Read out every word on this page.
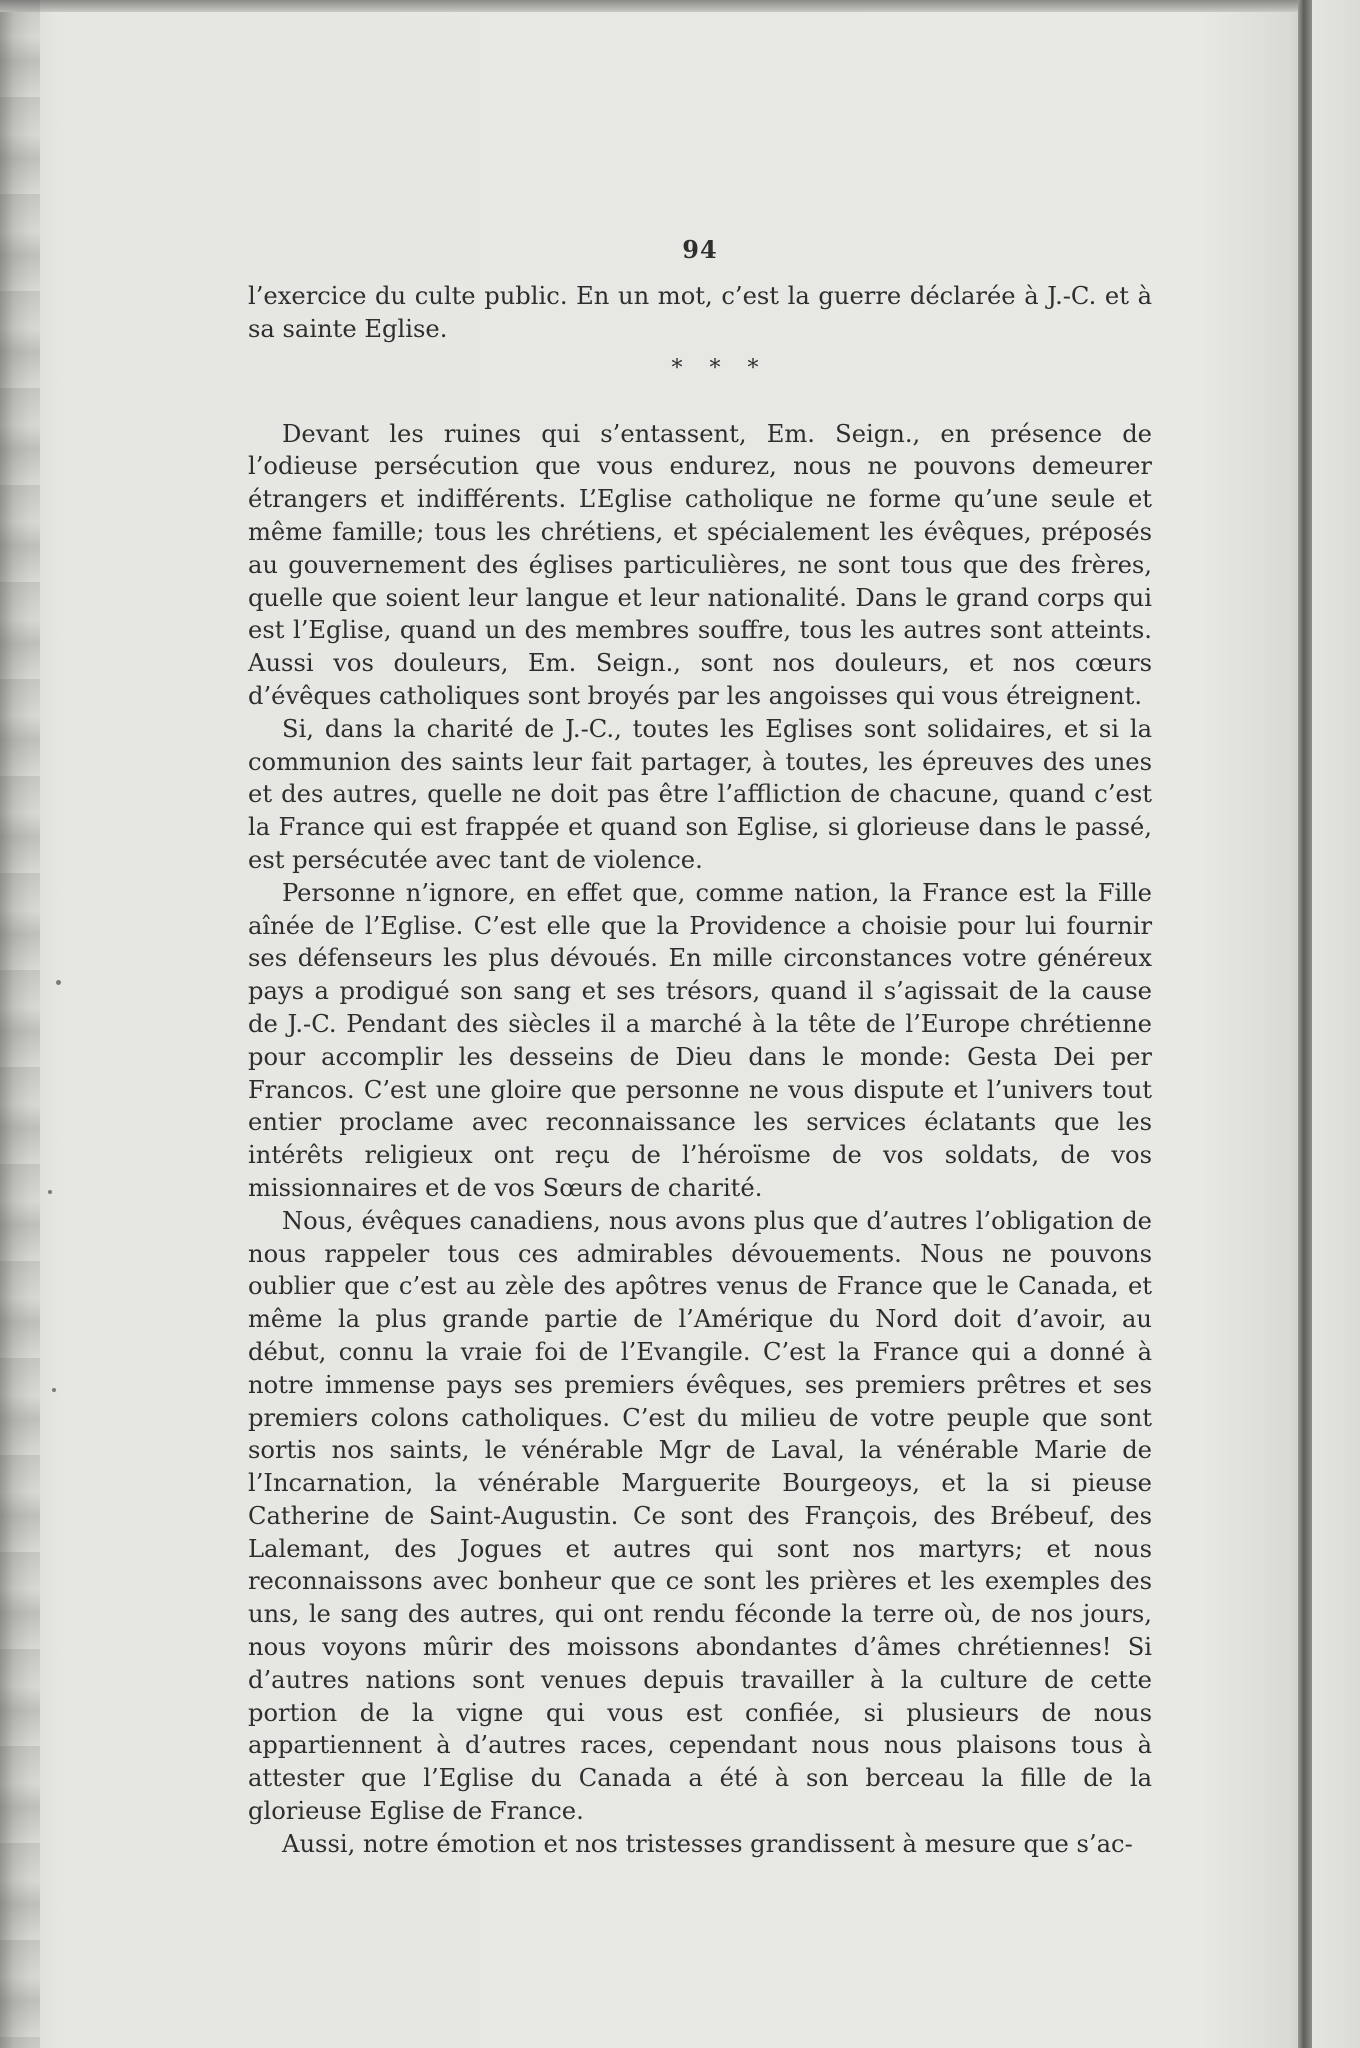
94

l’exercice du culte public. En un mot, c’est la guerre déclarée à J.-C. et à sa sainte Eglise.

* * *

Devant les ruines qui s’entassent, Em. Seign., en présence de l’odieuse persécution que vous endurez, nous ne pouvons demeurer étrangers et indifférents. L’Eglise catholique ne forme qu’une seule et même famille; tous les chrétiens, et spécialement les évêques, préposés au gouvernement des églises particulières, ne sont tous que des frères, quelle que soient leur langue et leur nationalité. Dans le grand corps qui est l’Eglise, quand un des membres souffre, tous les autres sont atteints. Aussi vos douleurs, Em. Seign., sont nos douleurs, et nos cœurs d’évêques catholiques sont broyés par les angoisses qui vous étreignent.

Si, dans la charité de J.-C., toutes les Eglises sont solidaires, et si la communion des saints leur fait partager, à toutes, les épreuves des unes et des autres, quelle ne doit pas être l’affliction de chacune, quand c’est la France qui est frappée et quand son Eglise, si glorieuse dans le passé, est persécutée avec tant de violence.

Personne n’ignore, en effet que, comme nation, la France est la Fille aînée de l’Eglise. C’est elle que la Providence a choisie pour lui fournir ses défenseurs les plus dévoués. En mille circonstances votre généreux pays a prodigué son sang et ses trésors, quand il s’agissait de la cause de J.-C. Pendant des siècles il a marché à la tête de l’Europe chrétienne pour accomplir les desseins de Dieu dans le monde: Gesta Dei per Francos. C’est une gloire que personne ne vous dispute et l’univers tout entier proclame avec reconnaissance les services éclatants que les intérêts religieux ont reçu de l’héroïsme de vos soldats, de vos missionnaires et de vos Sœurs de charité.

Nous, évêques canadiens, nous avons plus que d’autres l’obligation de nous rappeler tous ces admirables dévouements. Nous ne pouvons oublier que c’est au zèle des apôtres venus de France que le Canada, et même la plus grande partie de l’Amérique du Nord doit d’avoir, au début, connu la vraie foi de l’Evangile. C’est la France qui a donné à notre immense pays ses premiers évêques, ses premiers prêtres et ses premiers colons catholiques. C’est du milieu de votre peuple que sont sortis nos saints, le vénérable Mgr de Laval, la vénérable Marie de l’Incarnation, la vénérable Marguerite Bourgeoys, et la si pieuse Catherine de Saint-Augustin. Ce sont des François, des Brébeuf, des Lalemant, des Jogues et autres qui sont nos martyrs; et nous reconnaissons avec bonheur que ce sont les prières et les exemples des uns, le sang des autres, qui ont rendu féconde la terre où, de nos jours, nous voyons mûrir des moissons abondantes d’âmes chrétiennes! Si d’autres nations sont venues depuis travailler à la culture de cette portion de la vigne qui vous est confiée, si plusieurs de nous appartiennent à d’autres races, cependant nous nous plaisons tous à attester que l’Eglise du Canada a été à son berceau la fille de la glorieuse Eglise de France.

Aussi, notre émotion et nos tristesses grandissent à mesure que s’ac-
